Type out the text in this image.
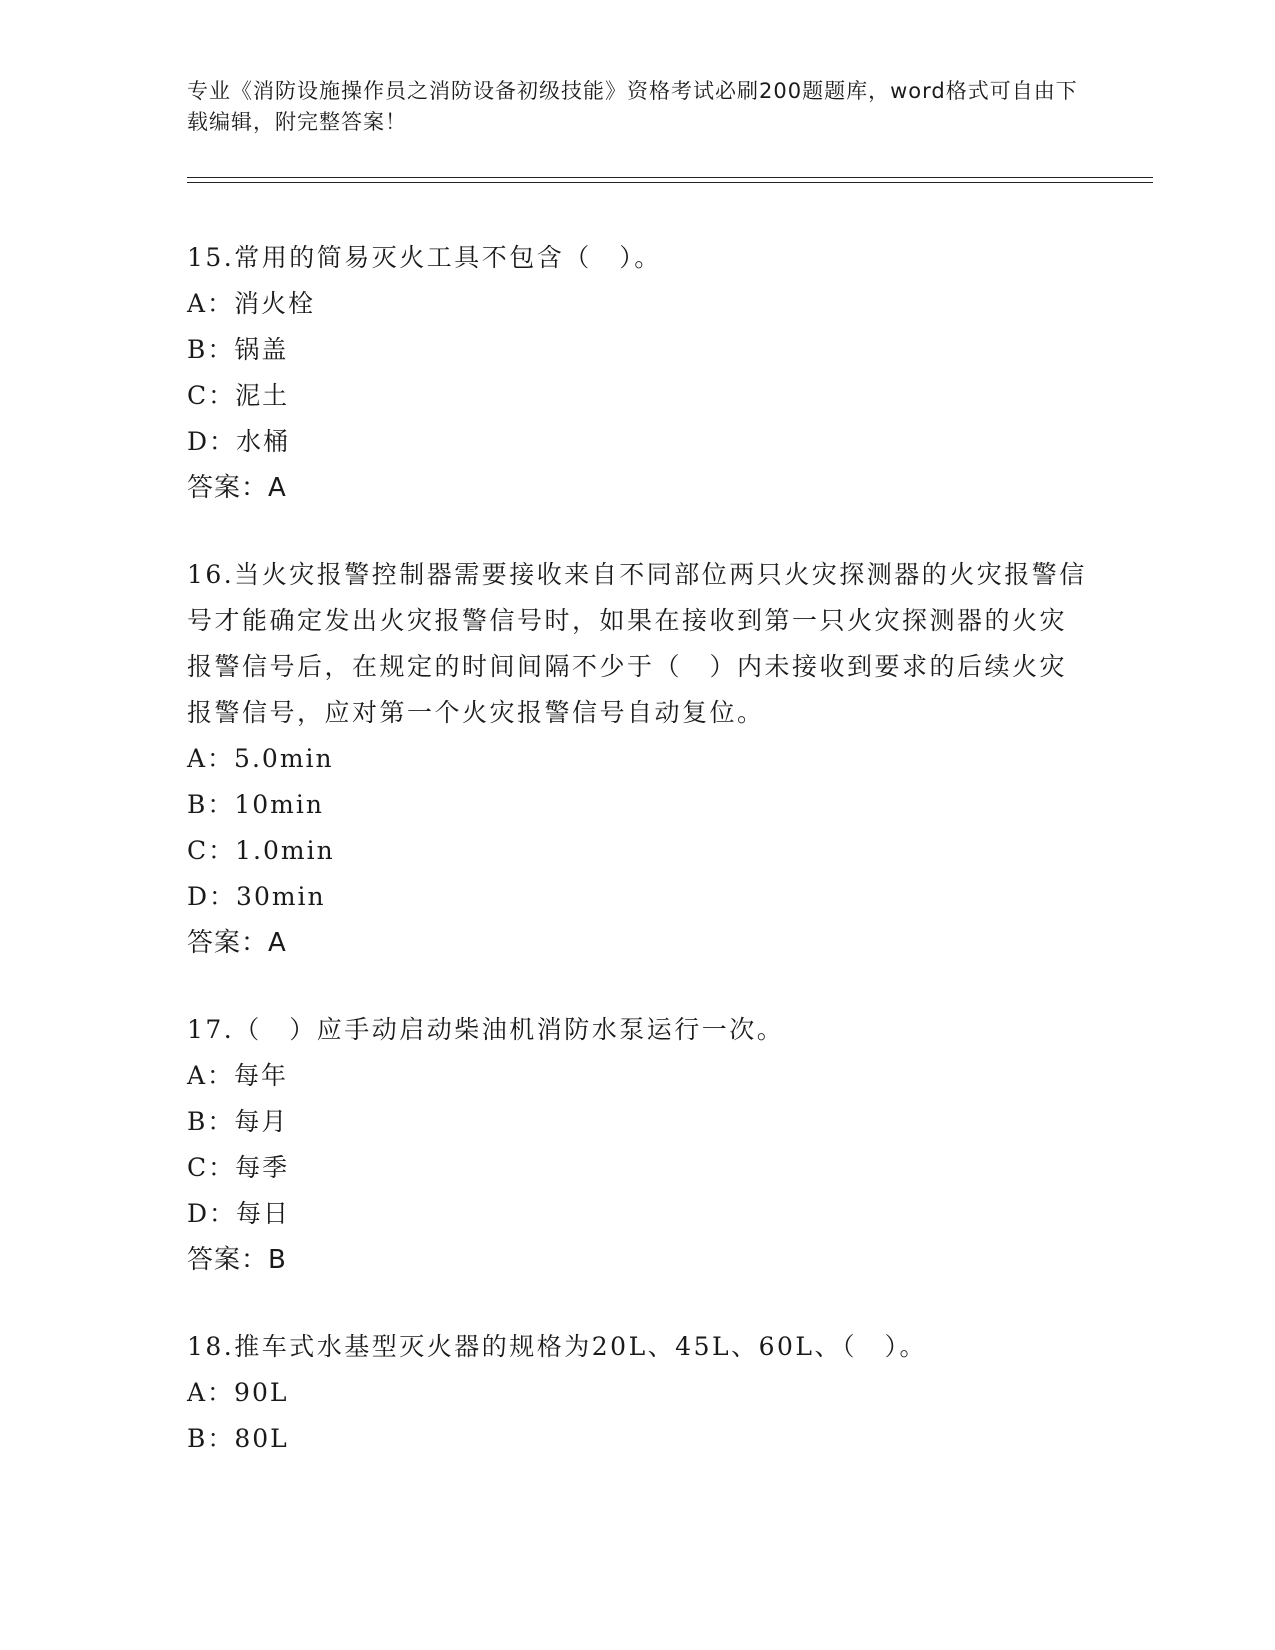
专业《消防设施操作员之消防设备初级技能》资格考试必刷200题题库，word格式可自由下载编辑，附完整答案！

15.常用的简易灭火工具不包含（　）。

A：消火栓

B：锅盖

C：泥土

D：水桶

答案：A

16.当火灾报警控制器需要接收来自不同部位两只火灾探测器的火灾报警信号才能确定发出火灾报警信号时，如果在接收到第一只火灾探测器的火灾报警信号后，在规定的时间间隔不少于（　）内未接收到要求的后续火灾报警信号，应对第一个火灾报警信号自动复位。

A：5.0min

B：10min

C：1.0min

D：30min

答案：A

17.（　）应手动启动柴油机消防水泵运行一次。

A：每年

B：每月

C：每季

D：每日

答案：B

18.推车式水基型灭火器的规格为20L、45L、60L、（　）。

A：90L

B：80L
